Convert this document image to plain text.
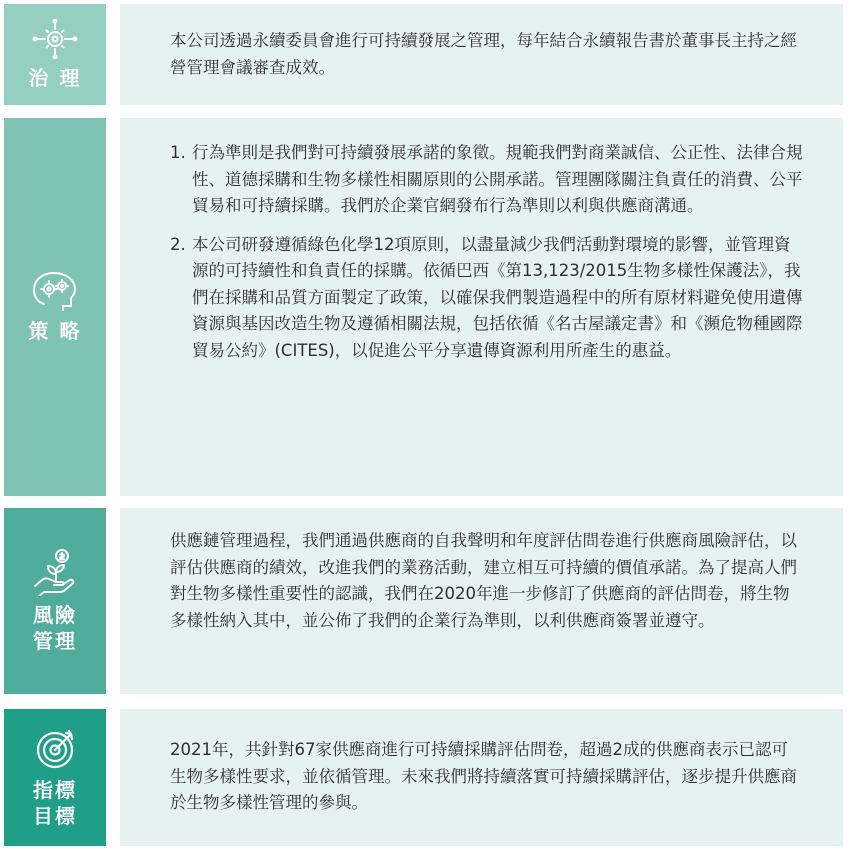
治 理
本公司透過永續委員會進行可持續發展之管理，每年結合永續報告書於董事長主持之經營管理會議審查成效。
策 略
1. 行為準則是我們對可持續發展承諾的象徵。規範我們對商業誠信、公正性、法律合規性、道德採購和生物多樣性相關原則的公開承諾。管理團隊關注負責任的消費、公平貿易和可持續採購。我們於企業官網發布行為準則以利與供應商溝通。
2. 本公司研發遵循綠色化學12項原則，以盡量減少我們活動對環境的影響，並管理資源的可持續性和負責任的採購。依循巴西《第13,123/2015生物多樣性保護法》，我們在採購和品質方面製定了政策，以確保我們製造過程中的所有原材料避免使用遺傳資源與基因改造生物及遵循相關法規，包括依循《名古屋議定書》和《瀕危物種國際貿易公約》(CITES)，以促進公平分享遺傳資源利用所產生的惠益。
風險
管理
供應鏈管理過程，我們通過供應商的自我聲明和年度評估問卷進行供應商風險評估，以評估供應商的績效，改進我們的業務活動，建立相互可持續的價值承諾。為了提高人們對生物多樣性重要性的認識，我們在2020年進一步修訂了供應商的評估問卷，將生物多樣性納入其中，並公佈了我們的企業行為準則，以利供應商簽署並遵守。
指標
目標
2021年，共針對67家供應商進行可持續採購評估問卷，超過2成的供應商表示已認可生物多樣性要求，並依循管理。未來我們將持續落實可持續採購評估，逐步提升供應商於生物多樣性管理的參與。
